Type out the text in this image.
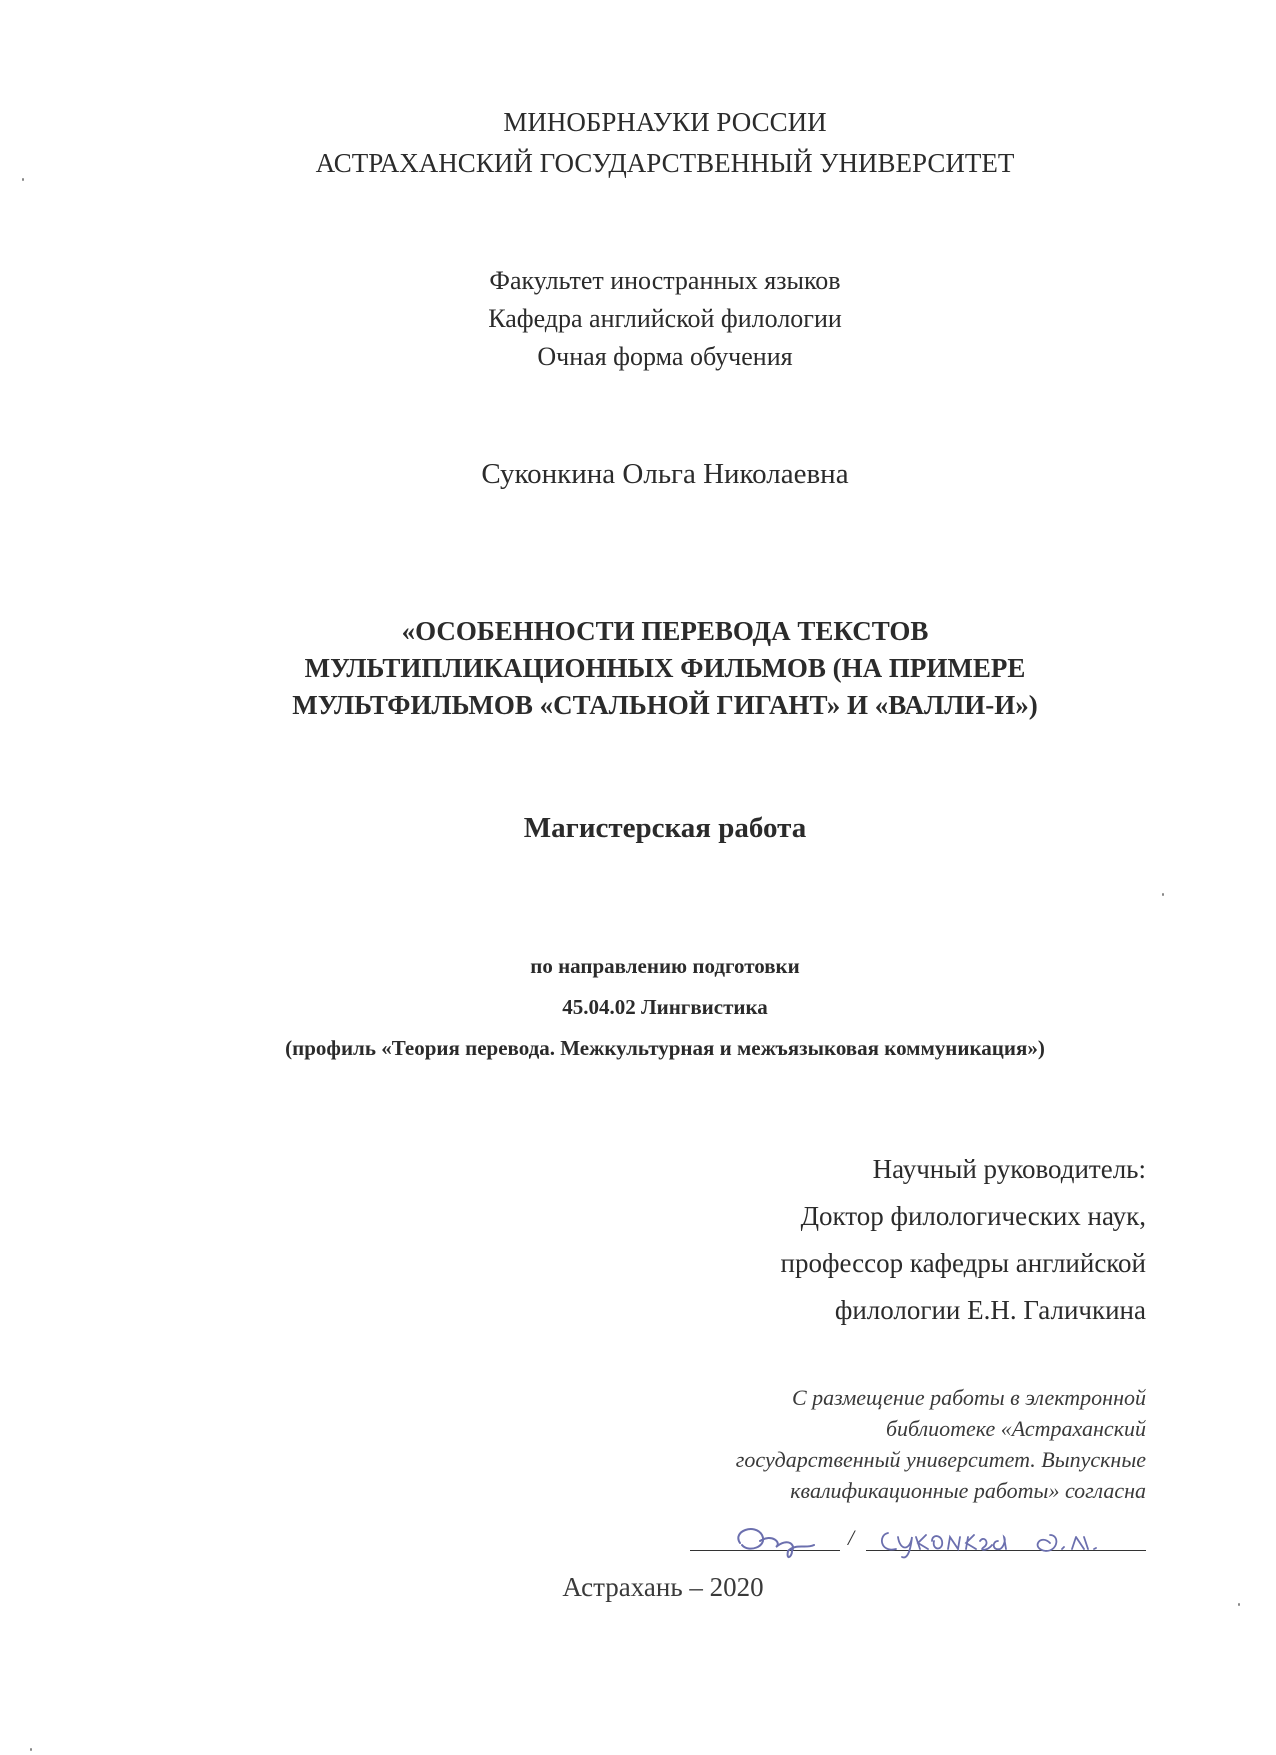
МИНОБРНАУКИ РОССИИ
АСТРАХАНСКИЙ ГОСУДАРСТВЕННЫЙ УНИВЕРСИТЕТ
Факультет иностранных языков
Кафедра английской филологии
Очная форма обучения
Суконкина Ольга Николаевна
«ОСОБЕННОСТИ ПЕРЕВОДА ТЕКСТОВ
МУЛЬТИПЛИКАЦИОННЫХ ФИЛЬМОВ (НА ПРИМЕРЕ
МУЛЬТФИЛЬМОВ «СТАЛЬНОЙ ГИГАНТ» И «ВАЛЛИ-И»)
Магистерская работа
по направлению подготовки
45.04.02 Лингвистика
(профиль «Теория перевода. Межкультурная и межъязыковая коммуникация»)
Научный руководитель:
Доктор филологических наук,
профессор кафедры английской
филологии Е.Н. Галичкина
С размещение работы в электронной
библиотеке «Астраханский
государственный университет. Выпускные
квалификационные работы» согласна
/
Астрахань – 2020
